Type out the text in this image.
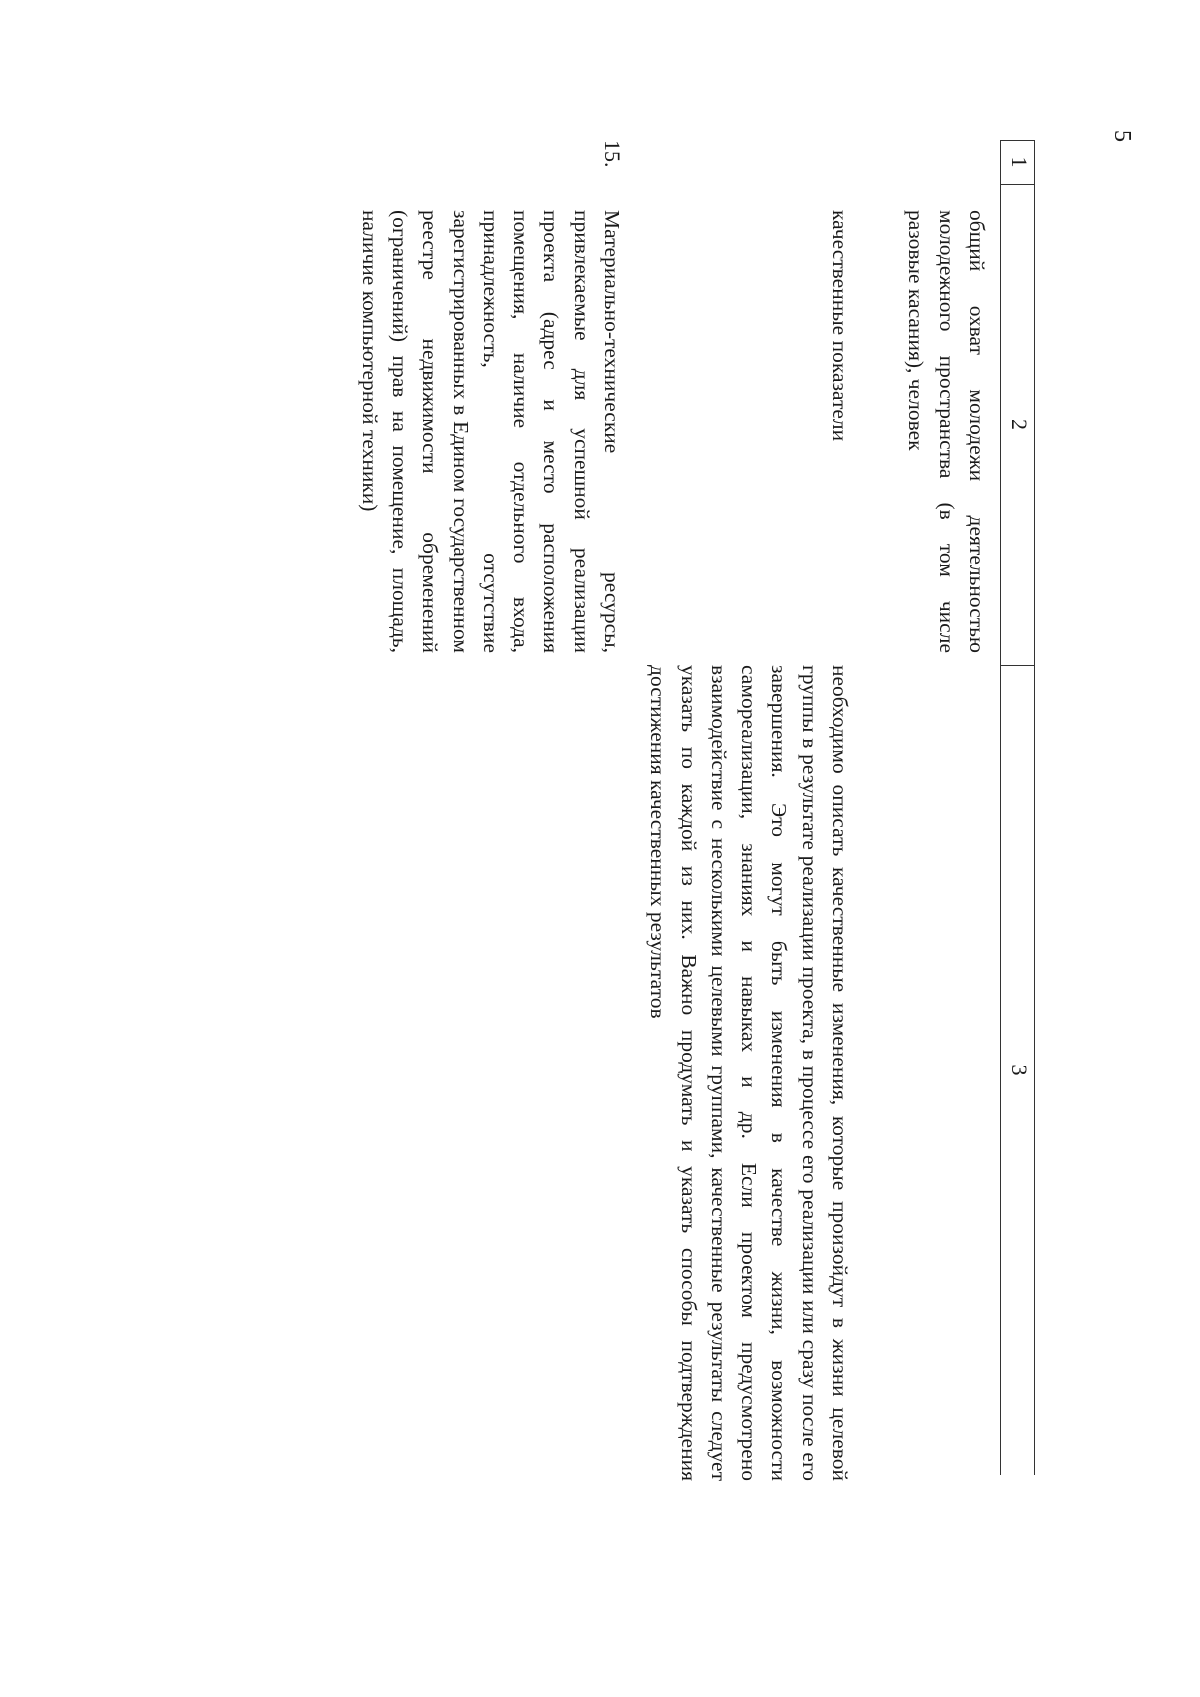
5
1
2
3
общий охват молодежи деятельностью молодежного пространства (в том числе разовые касания), человек
качественные показатели
необходимо описать качественные изменения, которые произойдут в жизни целевой группы в результате реализации проекта, в процессе его реализации или сразу после его завершения. Это могут быть изменения в качестве жизни, возможности самореализации, знаниях и навыках и др. Если проектом предусмотрено взаимодействие с несколькими целевыми группами, качественные результаты следует указать по каждой из них. Важно продумать и указать способы подтверждения достижения качественных результатов
15.
Материально-технические ресурсы, привлекаемые для успешной реализации проекта (адрес и место расположения помещения, наличие отдельного входа, принадлежность, отсутствие зарегистрированных в Едином государственном реестре недвижимости обременений (ограничений) прав на помещение, площадь, наличие компьютерной техники)
